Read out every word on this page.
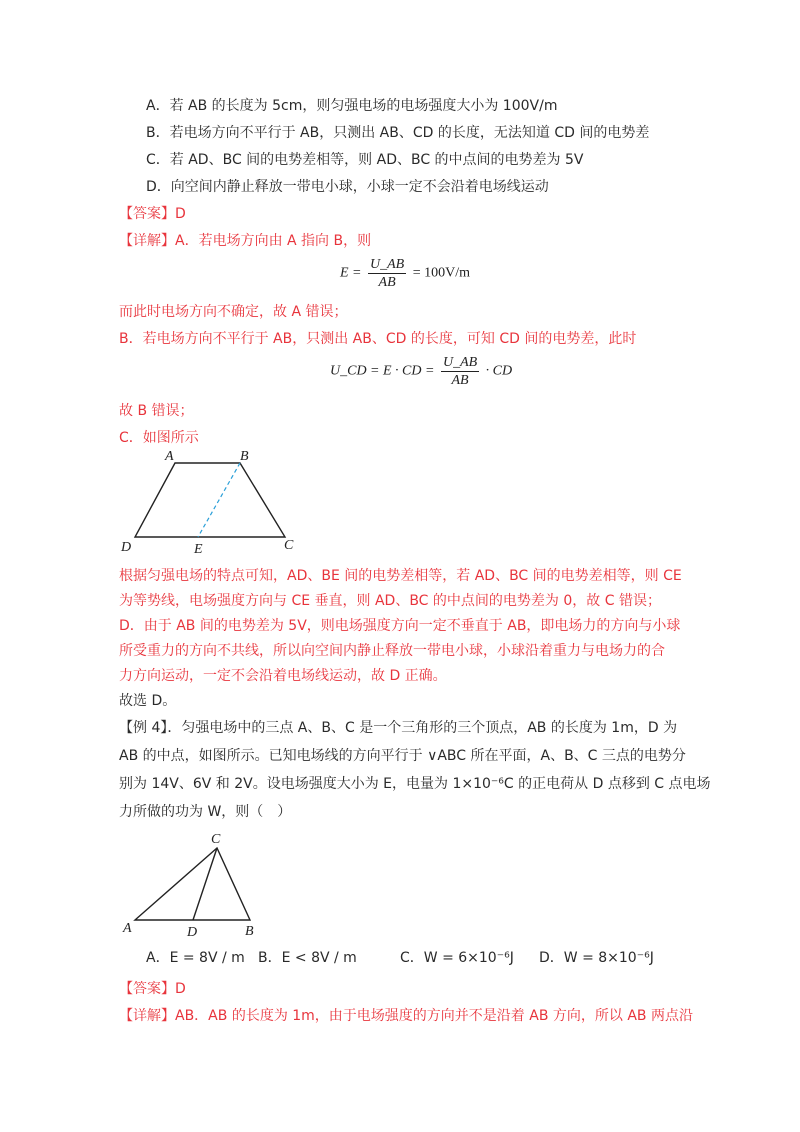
A．若 AB 的长度为 5cm，则匀强电场的电场强度大小为 100V/m
B．若电场方向不平行于 AB，只测出 AB、CD 的长度，无法知道 CD 间的电势差
C．若 AD、BC 间的电势差相等，则 AD、BC 的中点间的电势差为 5V
D．向空间内静止释放一带电小球，小球一定不会沿着电场线运动
【答案】D
【详解】A．若电场方向由 A 指向 B，则
$E = \frac{U\_AB}{AB} = 100V/m$
而此时电场方向不确定，故 A 错误；
B．若电场方向不平行于 AB，只测出 AB、CD 的长度，可知 CD 间的电势差，此时
U_CD = E · CD = $\frac{U\_AB}{AB}$ · CD
故 B 错误；
C．如图所示
A	B
C
D	E
根据匀强电场的特点可知，AD、BE 间的电势差相等，若 AD、BC 间的电势差相等，则 CE
为等势线，电场强度方向与 CE 垂直，则 AD、BC 的中点间的电势差为 0，故 C 错误；
D．由于 AB 间的电势差为 5V，则电场强度方向一定不垂直于 AB，即电场力的方向与小球
所受重力的方向不共线，所以向空间内静止释放一带电小球，小球沿着重力与电场力的合
力方向运动，一定不会沿着电场线运动，故 D 正确。
故选 D。
【例 4】．匀强电场中的三点 A、B、C 是一个三角形的三个顶点，AB 的长度为 1m，D 为
AB 的中点，如图所示。已知电场线的方向平行于 ∨ABC 所在平面，A、B、C 三点的电势分
别为 14V、6V 和 2V。设电场强度大小为 E，电量为 1×10⁻⁶C 的正电荷从 D 点移到 C 点电场
力所做的功为 W，则（　）
C
A	D	B
A．E = 8V / m B．E < 8V / m	C．W = 6×10⁻⁶J D．W = 8×10⁻⁶J
【答案】D
【详解】AB．AB 的长度为 1m，由于电场强度的方向并不是沿着 AB 方向，所以 AB 两点沿
